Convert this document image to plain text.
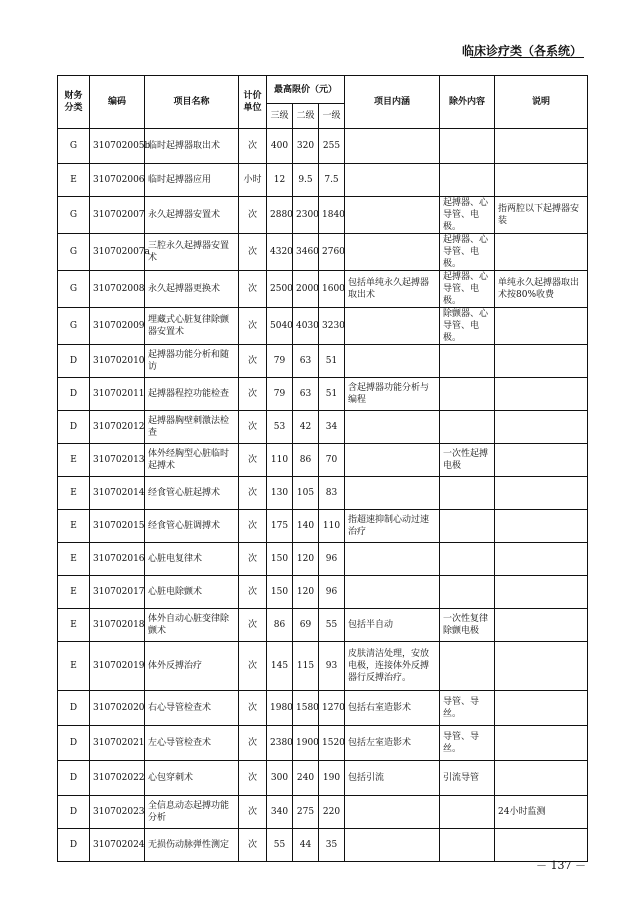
临床诊疗类（各系统）
财务分类	编码	项目名称	计价单位	最高限价（元）			项目内涵	除外内容	说明
				三级	二级	一级			
G	310702005b	临时起搏器取出术	次	400	320	255			
E	310702006	临时起搏器应用	小时	12	9.5	7.5			
G	310702007	永久起搏器安置术	次	2880	2300	1840		起搏器、心导管、电极。	指两腔以下起搏器安装
G	310702007a	三腔永久起搏器安置术	次	4320	3460	2760		起搏器、心导管、电极。	
G	310702008	永久起搏器更换术	次	2500	2000	1600	包括单纯永久起搏器取出术	起搏器、心导管、电极。	单纯永久起搏器取出术按80%收费
G	310702009	埋藏式心脏复律除颤器安置术	次	5040	4030	3230		除颤器、心导管、电极。	
D	310702010	起搏器功能分析和随访	次	79	63	51			
D	310702011	起搏器程控功能检查	次	79	63	51	含起搏器功能分析与编程		
D	310702012	起搏器胸壁刺激法检查	次	53	42	34			
E	310702013	体外经胸型心脏临时起搏术	次	110	86	70		一次性起搏电极	
E	310702014	经食管心脏起搏术	次	130	105	83			
E	310702015	经食管心脏调搏术	次	175	140	110	指超速抑制心动过速治疗		
E	310702016	心脏电复律术	次	150	120	96			
E	310702017	心脏电除颤术	次	150	120	96			
E	310702018	体外自动心脏变律除颤术	次	86	69	55	包括半自动	一次性复律除颤电极	
E	310702019	体外反搏治疗	次	145	115	93	皮肤清洁处理，安放电极，连接体外反搏器行反搏治疗。		
D	310702020	右心导管检查术	次	1980	1580	1270	包括右室造影术	导管、导丝。	
D	310702021	左心导管检查术	次	2380	1900	1520	包括左室造影术	导管、导丝。	
D	310702022	心包穿刺术	次	300	240	190	包括引流	引流导管	
D	310702023	全信息动态起搏功能分析	次	340	275	220			24小时监测
D	310702024	无损伤动脉弹性测定	次	55	44	35			
－ 137 －
